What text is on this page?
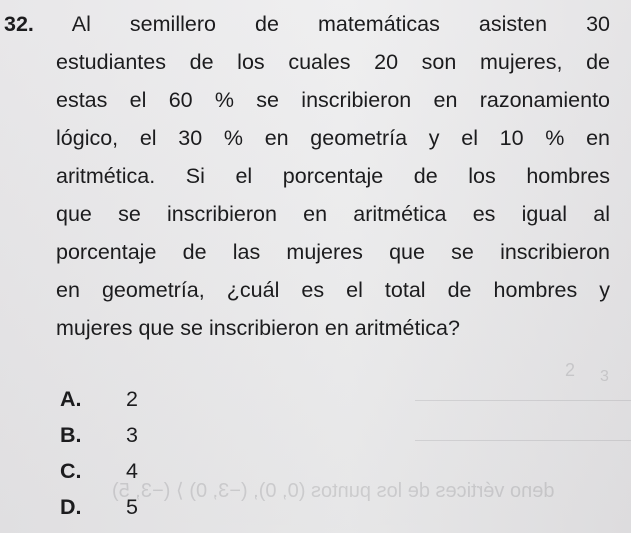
deno vértices de los puntos (0, 0), (−3, 0) ⟩ (−3, 5)
2 3
32. Al semillero de matemáticas asisten 30
estudiantes de los cuales 20 son mujeres, de
estas el 60 % se inscribieron en razonamiento
lógico, el 30 % en geometría y el 10 % en
aritmética. Si el porcentaje de los hombres
que se inscribieron en aritmética es igual al
porcentaje de las mujeres que se inscribieron
en geometría, ¿cuál es el total de hombres y
mujeres que se inscribieron en aritmética?
A. 2
B. 3
C. 4
D. 5
